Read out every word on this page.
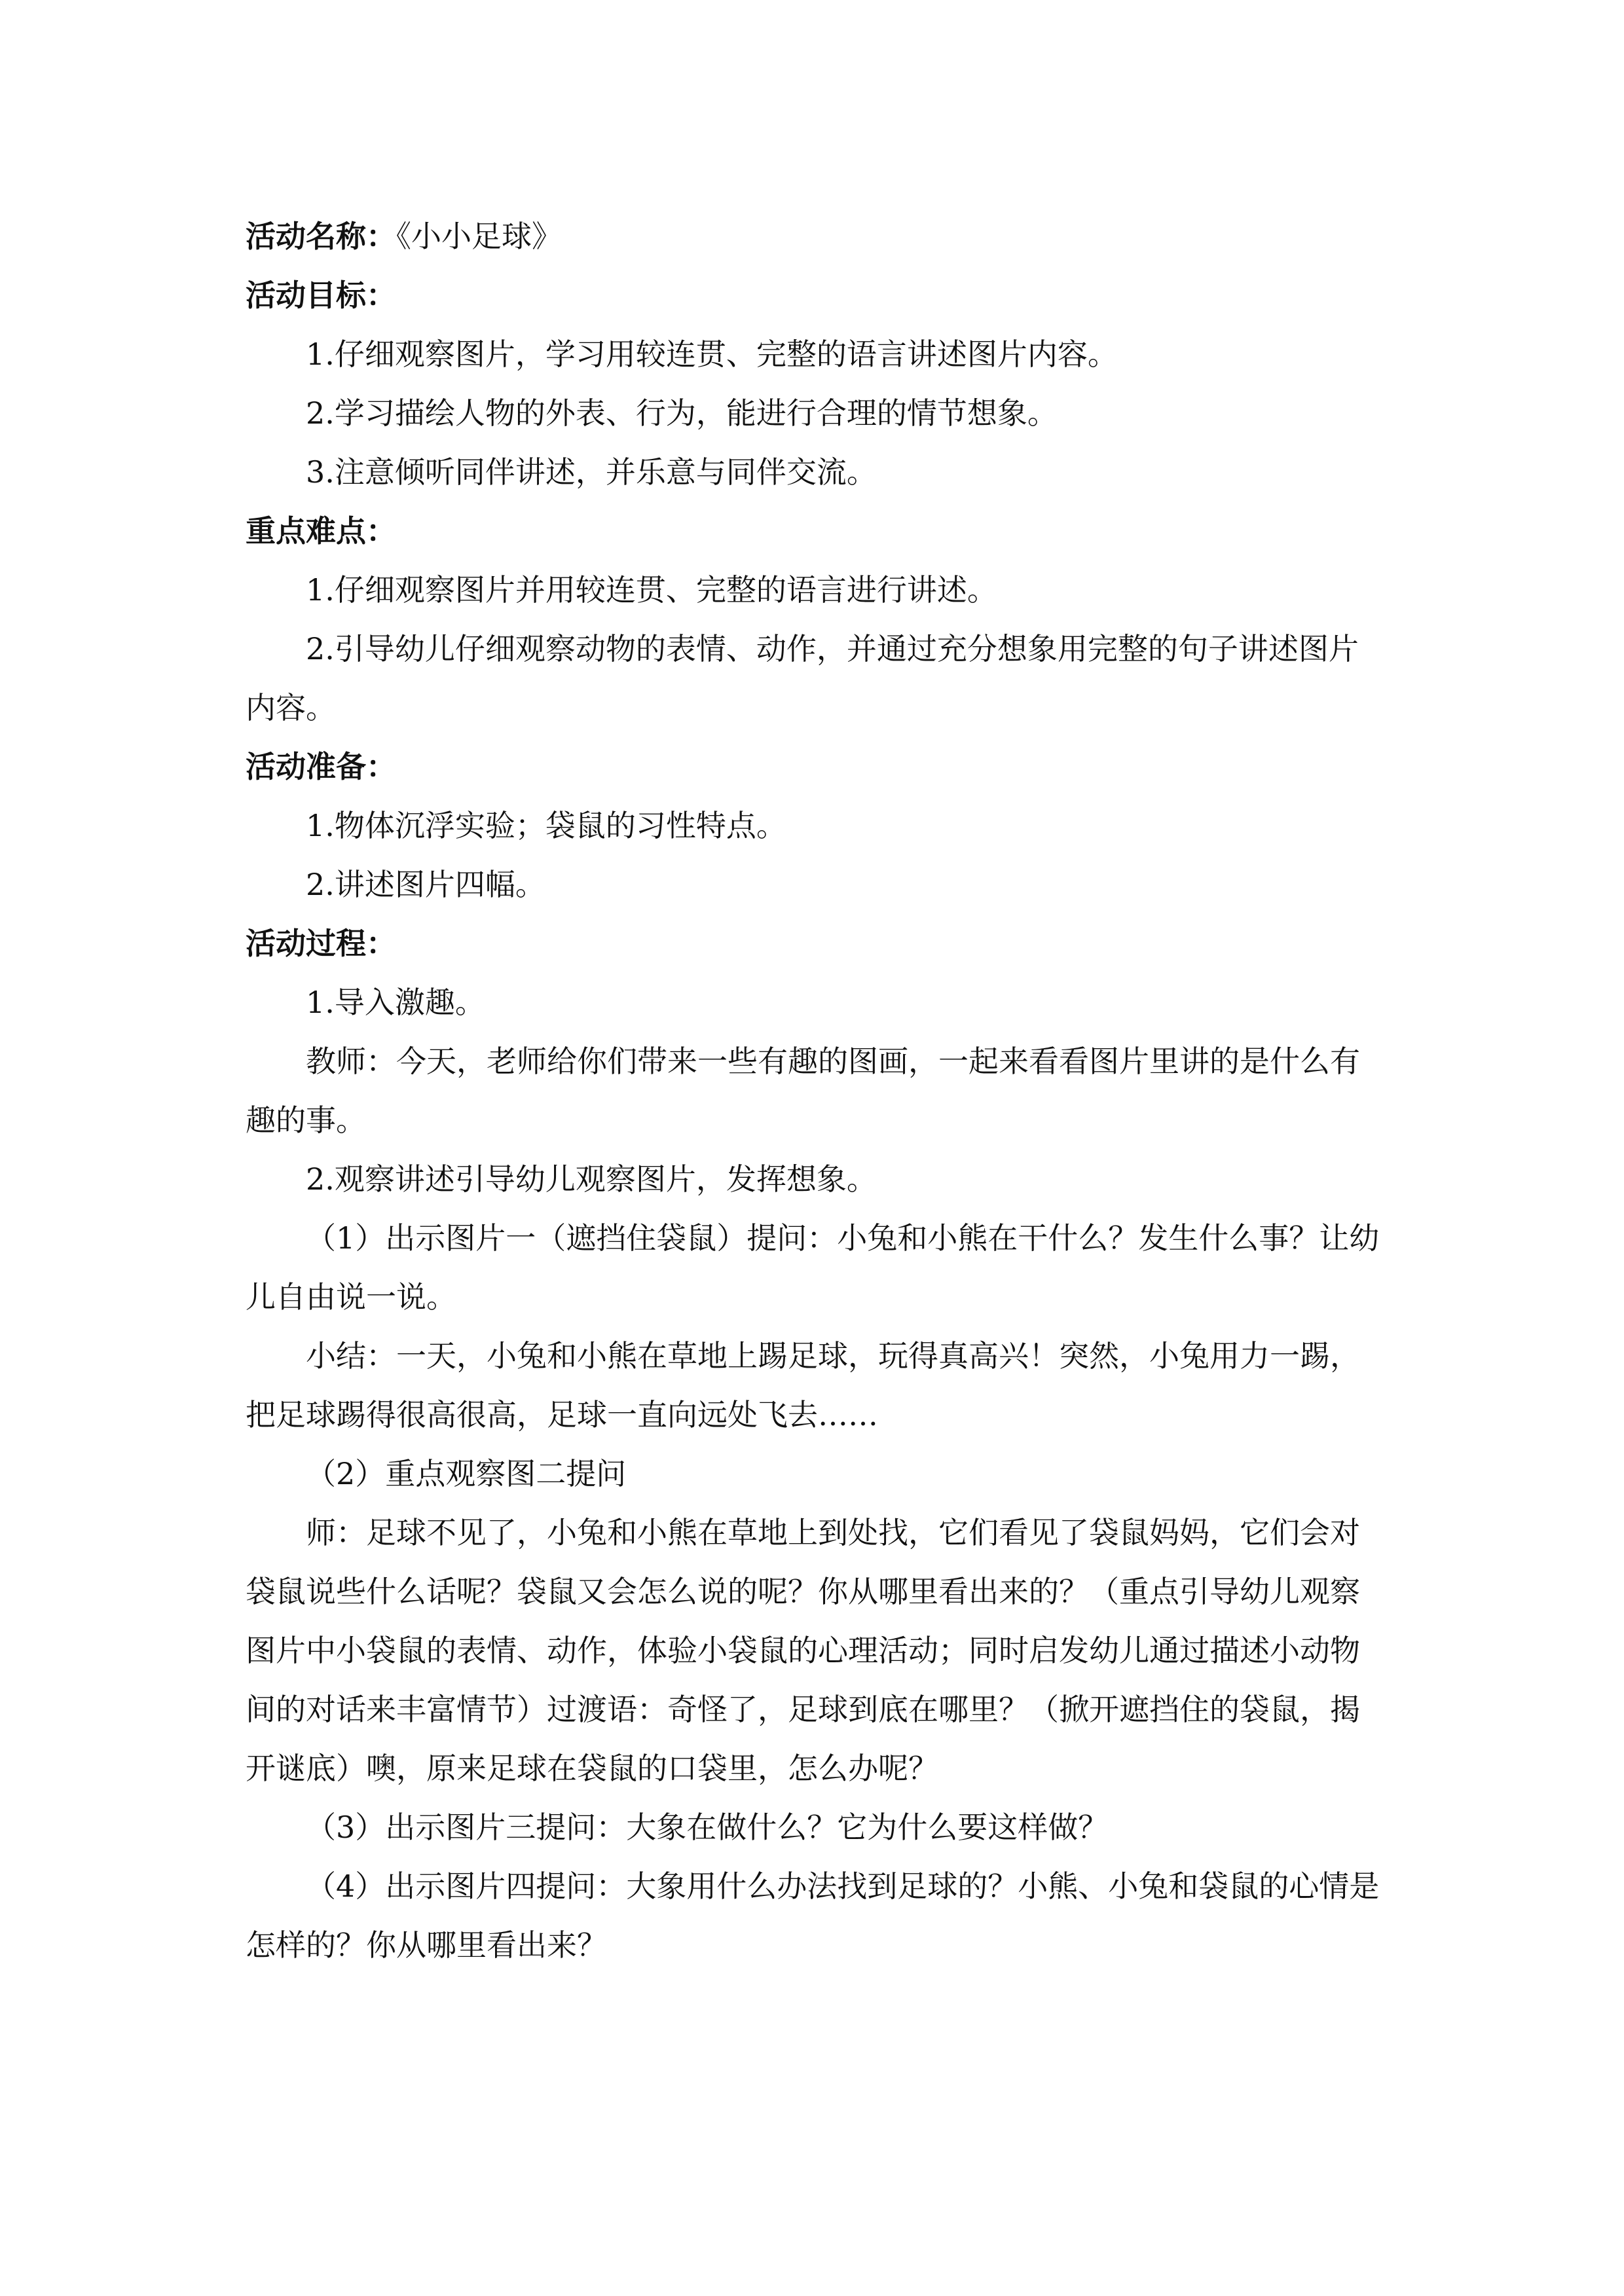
活动名称：《小小足球》

活动目标：

1.仔细观察图片，学习用较连贯、完整的语言讲述图片内容。

2.学习描绘人物的外表、行为，能进行合理的情节想象。

3.注意倾听同伴讲述，并乐意与同伴交流。

重点难点：

1.仔细观察图片并用较连贯、完整的语言进行讲述。

2.引导幼儿仔细观察动物的表情、动作，并通过充分想象用完整的句子讲述图片内容。

活动准备：

1.物体沉浮实验；袋鼠的习性特点。

2.讲述图片四幅。

活动过程：

1.导入激趣。

教师：今天，老师给你们带来一些有趣的图画，一起来看看图片里讲的是什么有趣的事。

2.观察讲述引导幼儿观察图片，发挥想象。

（1）出示图片一（遮挡住袋鼠）提问：小兔和小熊在干什么？发生什么事？让幼儿自由说一说。

小结：一天，小兔和小熊在草地上踢足球，玩得真高兴！突然，小兔用力一踢，把足球踢得很高很高，足球一直向远处飞去……

（2）重点观察图二提问

师：足球不见了，小兔和小熊在草地上到处找，它们看见了袋鼠妈妈，它们会对袋鼠说些什么话呢？袋鼠又会怎么说的呢？你从哪里看出来的？（重点引导幼儿观察图片中小袋鼠的表情、动作，体验小袋鼠的心理活动；同时启发幼儿通过描述小动物间的对话来丰富情节）过渡语：奇怪了，足球到底在哪里？（掀开遮挡住的袋鼠，揭开谜底）噢，原来足球在袋鼠的口袋里，怎么办呢？

（3）出示图片三提问：大象在做什么？它为什么要这样做？

（4）出示图片四提问：大象用什么办法找到足球的？小熊、小兔和袋鼠的心情是怎样的？你从哪里看出来？
